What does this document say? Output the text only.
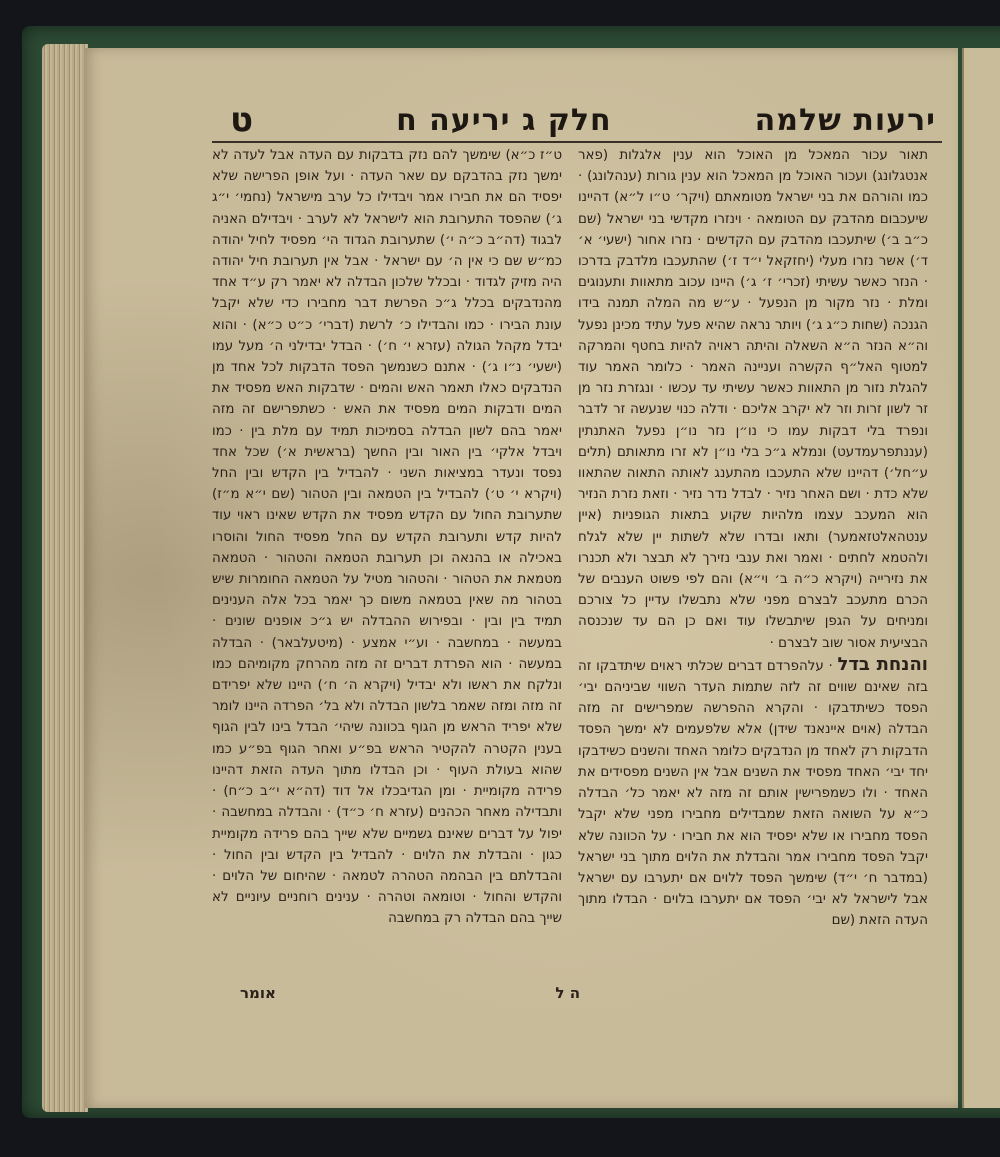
ירעות שלמה
חלק ג יריעה ח
ט

תאור עכור המאכל מן האוכל הוא ענין אלגלות (פאר אנטגלונג) ועכור האוכל מן המאכל הוא ענין גורות (ענהלונג) · כמו והורהם את בני ישראל מטומאתם (ויקר׳ ט״ו ל״א) דהיינו שיעכבום מהדבק עם הטומאה · וינזרו מקדשי בני ישראל (שם כ״ב ב׳) שיתעכבו מהדבק עם הקדשים · נזרו אחור (ישעי׳ א׳ ד׳) אשר נזרו מעלי (יחזקאל י״ד ז׳) שהתעכבו מלדבק בדרכו · הנזר כאשר עשיתי (זכרי׳ ז׳ ג׳) היינו עכוב מתאוות ותענוגים ומלת · נזר מקור מן הנפעל · ע״ש מה המלה תמנה בידו הגנכה (שחות כ״ג ג׳) ויותר נראה שהיא פעל עתיד מכינן נפעל וה״א הנזר ה״א השאלה והיתה ראויה להיות בחטף והמרקה למטוף האל״ף הקשרה ועניינה האמר · כלומר האמר עוד להגלת נזור מן התאוות כאשר עשיתי עד עכשו · ונגזרת נזר מן זר לשון זרות וזר לא יקרב אליכם · ודלה כנוי שנעשה זר לדבר ונפרד בלי דבקות עמו כי נו״ן נזר נו״ן נפעל האתנתין (עננתפרעמדעט) ונמלא ג״כ בלי נו״ן לא זרו מתאותם (תלים ע״חל׳) דהיינו שלא התעכבו מהתענג לאותה התאוה שהתאוו שלא כדת · ושם האחר נזיר · לבדל נדר נזיר · וזאת נזרת הנזיר הוא המעכב עצמו מלהיות שקוע בתאות הגופניות (איין ענטהאלטזאמער) ותאו ובדרו שלא לשתות יין שלא לגלח ולהטמא לחתים · ואמר ואת ענבי נזירך לא תבצר ולא תכנרו את נזירייה (ויקרא כ״ה ב׳ וי״א) והם לפי פשוט הענבים של הכרם מתעכב לבצרם מפני שלא נתבשלו עדיין כל צורכם ומניחים על הגפן שיתבשלו עוד ואם כן הם עד שנכנסה הבציעית אסור שוב לבצרם ·

והנחת בדל · עלהפרדם דברים שכלתי ראוים שיתדבקו זה בזה שאינם שווים זה לזה שתמות העדר השווי שביניהם יבי׳ הפסד כשיתדבקו · והקרא ההפרשה שמפרישים זה מזה הבדלה (אוים איינאנד שידן) אלא שלפעמים לא ימשך הפסד הדבקות רק לאחד מן הנדבקים כלומר האחד והשנים כשידבקו יחד יבי׳ האחד מפסיד את השנים אבל אין השנים מפסידים את האחד · ולו כשמפרישין אותם זה מזה לא יאמר כל׳ הבדלה כ״א על השואה הזאת שמבדילים מחבירו מפני שלא יקבל הפסד מחבירו או שלא יפסיד הוא את חבירו · על הכוונה שלא יקבל הפסד מחבירו אמר והבדלת את הלוים מתוך בני ישראל (במדבר ח׳ י״ד) שימשך הפסד ללוים אם יתערבו עם ישראל אבל לישראל לא יבי׳ הפסד אם יתערבו בלוים · הבדלו מתוך העדה הזאת (שם

ט״ז כ״א) שימשך להם נזק בדבקות עם העדה אבל לעדה לא ימשך נזק בהדבקם עם שאר העדה · ועל אופן הפרישה שלא יפסיד הם את חבירו אמר ויבדילו כל ערב מישראל (נחמי׳ י״ג ג׳) שהפסד התערובת הוא לישראל לא לערב · ויבדילם האניה לבגוד (דה״ב כ״ה י׳) שתערובת הגדוד הי׳ מפסיד לחיל יהודה כמ״ש שם כי אין ה׳ עם ישראל · אבל אין תערובת חיל יהודה היה מזיק לגדוד · ובכלל שלכון הבדלה לא יאמר רק ע״ד אחד מהנדבקים בכלל ג״כ הפרשת דבר מחבירו כדי שלא יקבל עונת הבירו · כמו והבדילו כ׳ לרשת (דברי׳ כ״ט כ״א) · והוא יבדל מקהל הגולה (עזרא י׳ ח׳) · הבדל יבדילני ה׳ מעל עמו (ישעי׳ נ״ו ג׳) · אתנם כשנמשך הפסד הדבקות לכל אחד מן הנדבקים כאלו תאמר האש והמים · שדבקות האש מפסיד את המים ודבקות המים מפסיד את האש · כשתפרישם זה מזה יאמר בהם לשון הבדלה בסמיכות תמיד עם מלת בין · כמו ויבדל אלקי׳ בין האור ובין החשך (בראשית א׳) שכל אחד נפסד ונעדר במציאות השני · להבדיל בין הקדש ובין החל (ויקרא י׳ ט׳) להבדיל בין הטמאה ובין הטהור (שם י״א מ״ז) שתערובת החול עם הקדש מפסיד את הקדש שאינו ראוי עוד להיות קדש ותערובת הקדש עם החל מפסיד החול והוסרו באכילה או בהנאה וכן תערובת הטמאה והטהור · הטמאה מטמאת את הטהור · והטהור מטיל על הטמאה החומרות שיש בטהור מה שאין בטמאה משום כך יאמר בכל אלה הענינים תמיד בין ובין · ובפירוש ההבדלה יש ג״כ אופנים שונים · במעשה · במחשבה · וע״י אמצע · (מיטעלבאר) · הבדלה במעשה · הוא הפרדת דברים זה מזה מהרחק מקומיהם כמו ונלקח את ראשו ולא יבדיל (ויקרא ה׳ ח׳) היינו שלא יפרידם זה מזה ומזה שאמר בלשון הבדלה ולא בל׳ הפרדה היינו לומר שלא יפריד הראש מן הגוף בכוונה שיהי׳ הבדל בינו לבין הגוף בענין הקטרה להקטיר הראש בפ״ע ואחר הגוף בפ״ע כמו שהוא בעולת העוף · וכן הבדלו מתוך העדה הזאת דהיינו פרידה מקומיית · ומן הגדיבכלו אל דוד (דה״א י״ב כ״ח) · ותבדילה מאחר הכהנים (עזרא ח׳ כ״ד) · והבדלה במחשבה · יפול על דברים שאינם גשמיים שלא שייך בהם פרידה מקומיית כגון · והבדלת את הלוים · להבדיל בין הקדש ובין החול · והבדלתם בין הבהמה הטהרה לטמאה · שהיחום של הלוים · והקדש והחול · וטומאה וטהרה · ענינים רוחניים עיוניים לא שייך בהם הבדלה רק במחשבה

ה ל
אומר
